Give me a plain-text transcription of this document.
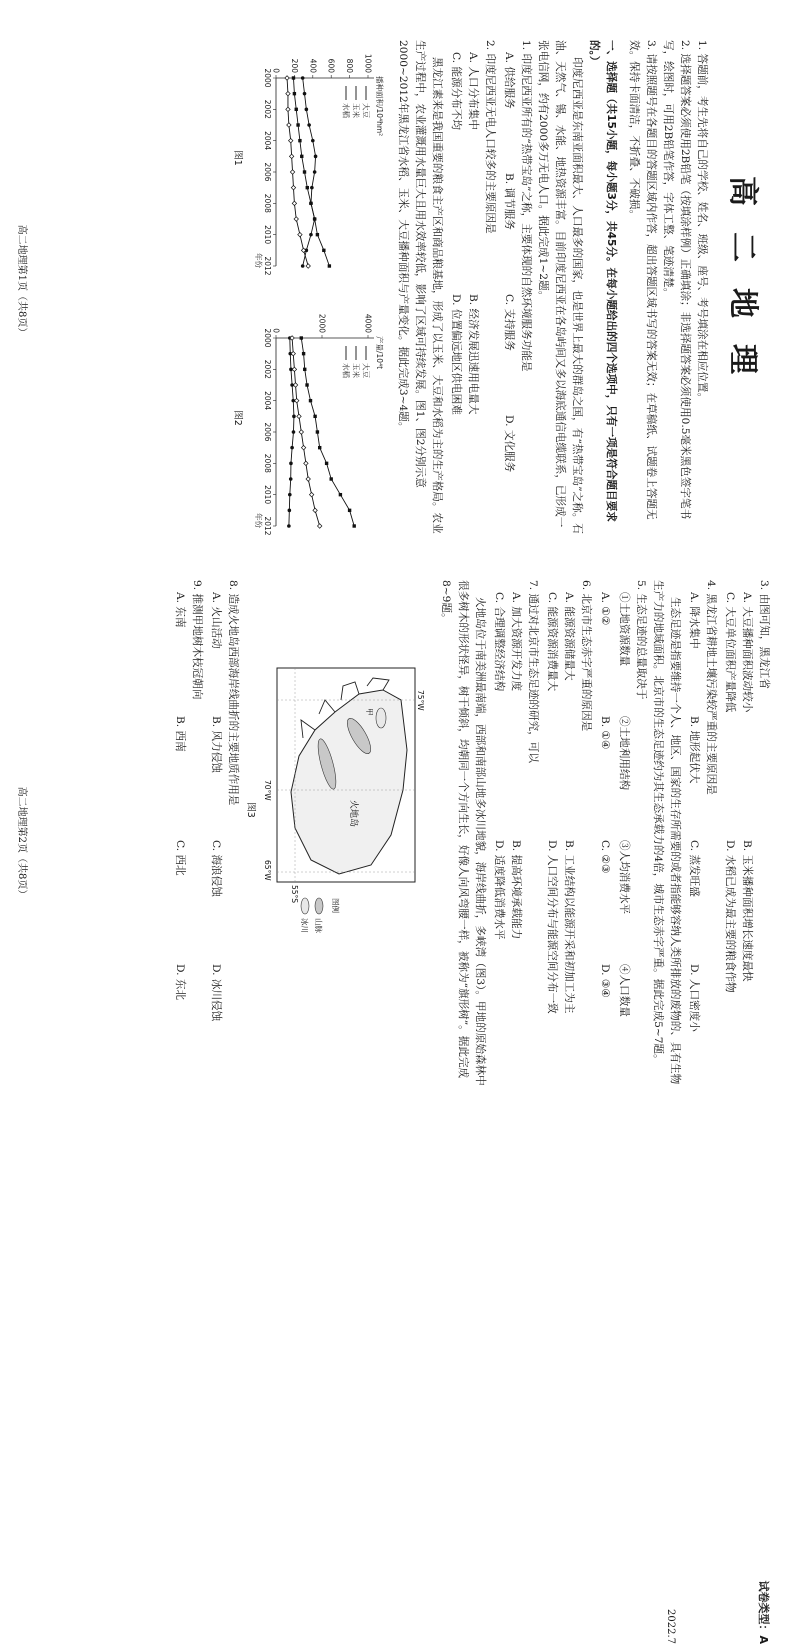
高二地理

1. 答题前，考生先将自己的学校、姓名、班级、座号、考号填涂在相应位置。

2. 选择题答案必须使用2B铅笔（按填涂样例）正确填涂；非选择题答案必须使用0.5毫米黑色签字笔书写，绘图时，可用2B铅笔作答，字体工整、笔迹清楚。

3. 请按照题号在各题目的答题区域内作答，超出答题区域书写的答案无效；在草稿纸、试题卷上答题无效。保持卡面清洁，不折叠、不破损。

一、选择题（共15小题，每小题3分，共45分。在每小题给出的四个选项中，只有一项是符合题目要求的。）

印度尼西亚是东南亚面积最大、人口最多的国家，也是世界上最大的群岛之国，有“热带宝岛”之称。石油、天然气、锡、水能、地热资源丰富。目前印度尼西亚在各岛屿间又多以海底通信电缆联系，已形成一张电信网，约有2000多万无电人口。据此完成1~2题。

1. 印度尼西亚所有的“热带宝岛”之称，主要体现的自然环境服务功能是

A. 供给服务
B. 调节服务
C. 支持服务
D. 文化服务

2. 印度尼西亚无电人口较多的主要原因是

A. 人口分布集中
B. 经济发展迅速用电量大
C. 能源分布不均
D. 位置偏远地区供电困难

黑龙江素来是我国重要的粮食主产区和商品粮基地，形成了以玉米、大豆和水稻为主的生产格局。农业生产过程中，农业灌溉用水量巨大且用水效率较低，影响了区域可持续发展。图1、图2分别示意2000~2012年黑龙江省水稻、玉米、大豆播种面积与产量变化。据此完成3~4题。

播种面积/10⁴hm²
年份
0 200 400 600 800 1000
2000
2002
2004
2006
2008
2010
2012
大豆
玉米
水稻
图1
产量/10⁴t
年份
0	2000	4000
2000
2002
2004
2006
2008
2010
2012
大豆
玉米
水稻
图2
高二地理第1页（共8页）
试卷类型：A
2022.7

3. 由图可知，黑龙江省

A. 大豆播种面积波动较小
B. 玉米播种面积增长速度最快
C. 大豆单位面积产量降低
D. 水稻已成为最主要的粮食作物

4. 黑龙江省耕地土壤污染较严重的主要原因是

A. 降水集中
B. 地形起伏大
C. 蒸发旺盛
D. 人口密度小

生态足迹是指要维持一个人、地区、国家的生存所需要的或者指能够容纳人类所排放的废物的、具有生物生产力的地域面积。北京市的生态足迹约为其生态承载力的4倍，城市生态赤字严重。据此完成5~7题。

5. 生态足迹的总量取决于

①土地资源数量
②土地利用结构
③人均消费水平
④人口数量
A. ①②
B. ①④
C. ②③
D. ③④

6. 北京市生态赤字严重的原因是

A. 能源资源储量大
B. 工业结构以能源开采和初加工为主
C. 能源资源消费量大
D. 人口空间分布与能源空间分布一致

7. 通过对北京市生态足迹的研究，可以

A. 加大资源开发力度
B. 提高环境承载能力
C. 合理调整经济结构
D. 适度降低消费水平

火地岛位于南美洲最南端，西部和南部山地多冰川地貌，海岸线曲折，多峡湾（图3）。甲地的原始森林中很多树木的形状怪异，树干倾斜，均朝同一个方向生长，好像人向风弯腰一样，被称为“旗形树”。据此完成8~9题。

75°W
70°W
65°W
55°S
甲
火地岛
图例
山脉
冰川
图3

8. 造成火地岛西部海岸线曲折的主要地质作用是

A. 火山活动
B. 风力侵蚀
C. 海浪侵蚀
D. 冰川侵蚀

9. 推测甲地树木枝冠朝向

A. 东南
B. 西南
C. 西北
D. 东北
高二地理第2页（共8页）
